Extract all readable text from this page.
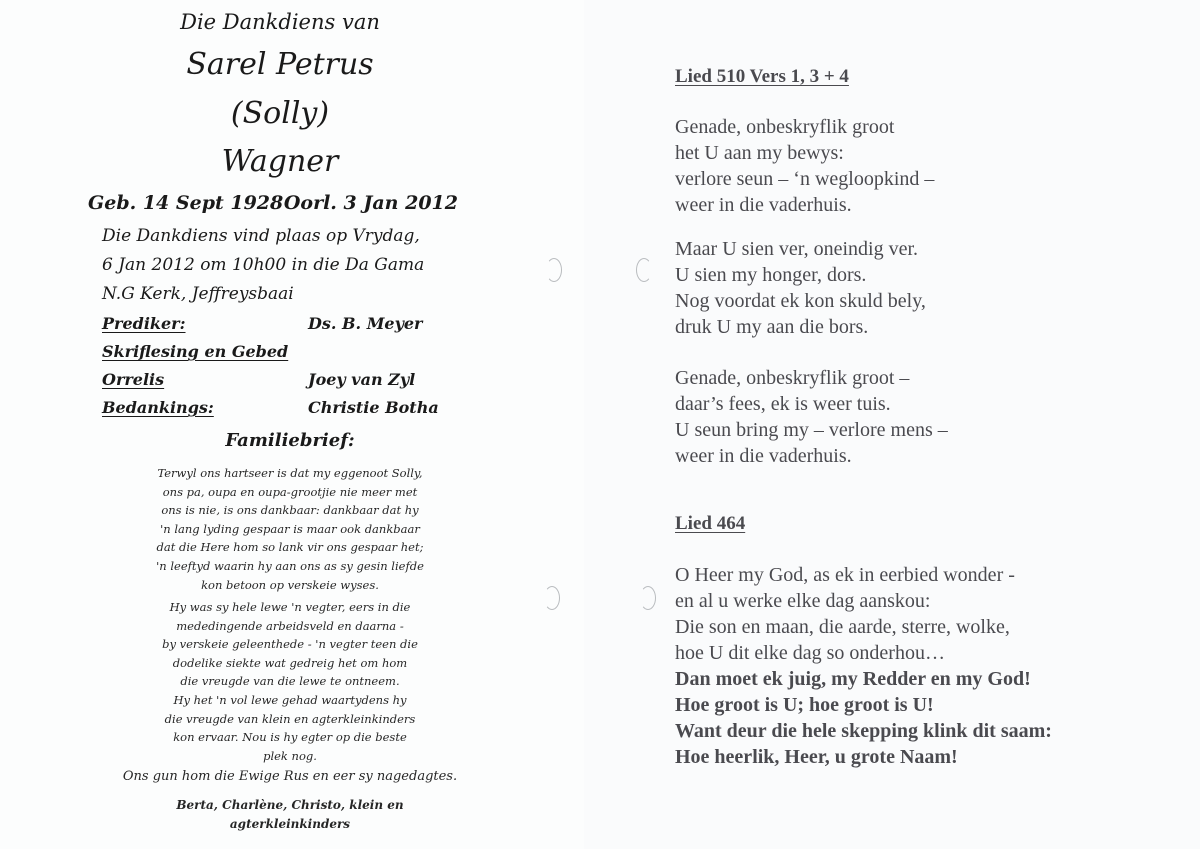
Die Dankdiens van
Sarel Petrus
(Solly)
Wagner
Geb. 14 Sept 1928 Oorl. 3 Jan 2012
Die Dankdiens vind plaas op Vrydag,
6 Jan 2012 om 10h00 in die Da Gama
N.G Kerk, Jeffreysbaai
Prediker:	Ds. B. Meyer
Skriflesing en Gebed
Orrelis	Joey van Zyl
Bedankings:	Christie Botha
Familiebrief:
Terwyl ons hartseer is dat my eggenoot Solly,
ons pa, oupa en oupa-grootjie nie meer met
ons is nie, is ons dankbaar: dankbaar dat hy
'n lang lyding gespaar is maar ook dankbaar
dat die Here hom so lank vir ons gespaar het;
'n leeftyd waarin hy aan ons as sy gesin liefde
kon betoon op verskeie wyses.
Hy was sy hele lewe 'n vegter, eers in die
mededingende arbeidsveld en daarna -
by verskeie geleenthede - 'n vegter teen die
dodelike siekte wat gedreig het om hom
die vreugde van die lewe te ontneem.
Hy het 'n vol lewe gehad waartydens hy
die vreugde van klein en agterkleinkinders
kon ervaar. Nou is hy egter op die beste
plek nog.
Ons gun hom die Ewige Rus en eer sy nagedagtes.
Berta, Charlène, Christo, klein en agterkleinkinders
Lied 510 Vers 1, 3 + 4
Genade, onbeskryflik groot
het U aan my bewys:
verlore seun – ‘n wegloopkind –
weer in die vaderhuis.
Maar U sien ver, oneindig ver.
U sien my honger, dors.
Nog voordat ek kon skuld bely,
druk U my aan die bors.
Genade, onbeskryflik groot –
daar’s fees, ek is weer tuis.
U seun bring my – verlore mens –
weer in die vaderhuis.
Lied 464
O Heer my God, as ek in eerbied wonder -
en al u werke elke dag aanskou:
Die son en maan, die aarde, sterre, wolke,
hoe U dit elke dag so onderhou…
Dan moet ek juig, my Redder en my God!
Hoe groot is U; hoe groot is U!
Want deur die hele skepping klink dit saam:
Hoe heerlik, Heer, u grote Naam!
